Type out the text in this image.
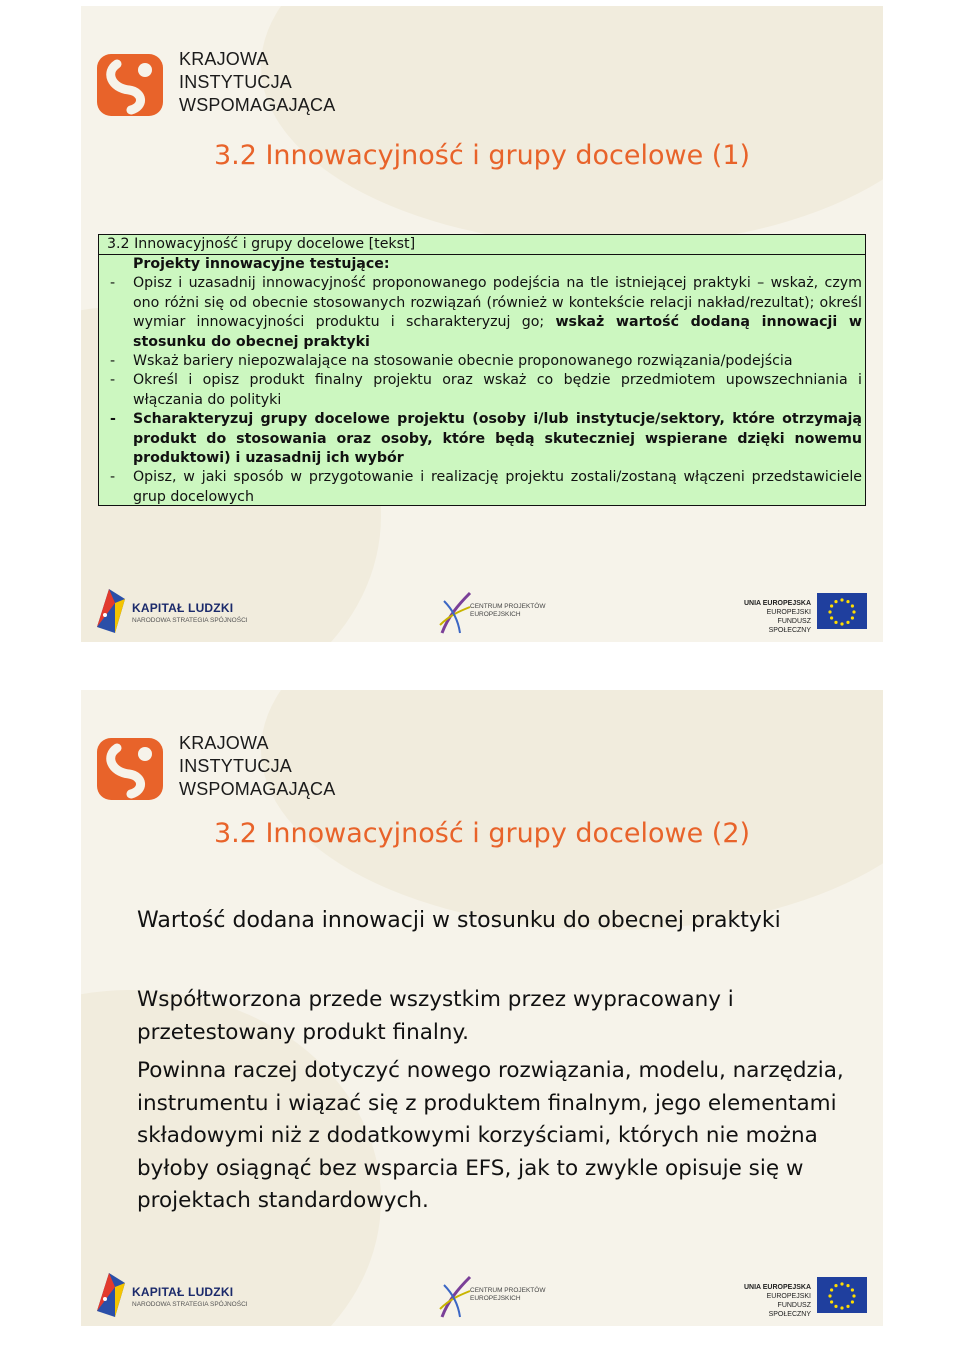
KRAJOWA
INSTYTUCJA
WSPOMAGAJĄCA
3.2 Innowacyjność i grupy docelowe (1)
3.2 Innowacyjność i grupy docelowe [tekst]
Projekty innowacyjne testujące:
- Opisz i uzasadnij innowacyjność proponowanego podejścia na tle istniejącej praktyki – wskaż, czym ono różni się od obecnie stosowanych rozwiązań (również w kontekście relacji nakład/rezultat); określ wymiar innowacyjności produktu i scharakteryzuj go; wskaż wartość dodaną innowacji w stosunku do obecnej praktyki
- Wskaż bariery niepozwalające na stosowanie obecnie proponowanego rozwiązania/podejścia
- Określ i opisz produkt finalny projektu oraz wskaż co będzie przedmiotem upowszechniania i włączania do polityki
- Scharakteryzuj grupy docelowe projektu (osoby i/lub instytucje/sektory, które otrzymają produkt do stosowania oraz osoby, które będą skuteczniej wspierane dzięki nowemu produktowi) i uzasadnij ich wybór
- Opisz, w jaki sposób w przygotowanie i realizację projektu zostali/zostaną włączeni przedstawiciele grup docelowych
KAPITAŁ LUDZKI
NARODOWA STRATEGIA SPÓJNOŚCI
CENTRUM PROJEKTÓW
EUROPEJSKICH
UNIA EUROPEJSKA
EUROPEJSKI
FUNDUSZ SPOŁECZNY
KRAJOWA
INSTYTUCJA
WSPOMAGAJĄCA
3.2 Innowacyjność i grupy docelowe (2)
Wartość dodana innowacji w stosunku do obecnej praktyki
Współtworzona przede wszystkim przez wypracowany i przetestowany produkt finalny.
Powinna raczej dotyczyć nowego rozwiązania, modelu, narzędzia, instrumentu i wiązać się z produktem finalnym, jego elementami składowymi niż z dodatkowymi korzyściami, których nie można byłoby osiągnąć bez wsparcia EFS, jak to zwykle opisuje się w projektach standardowych.
KAPITAŁ LUDZKI
NARODOWA STRATEGIA SPÓJNOŚCI
CENTRUM PROJEKTÓW
EUROPEJSKICH
UNIA EUROPEJSKA
EUROPEJSKI
FUNDUSZ SPOŁECZNY
